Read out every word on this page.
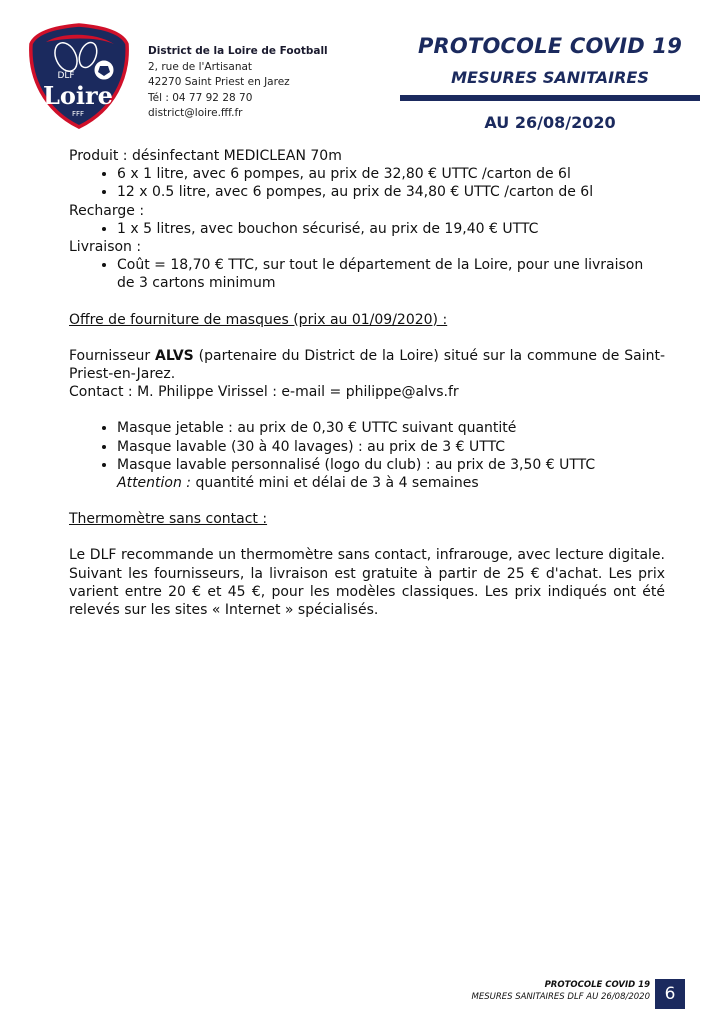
DLF
Loire
FFF
District de la Loire de Football
2, rue de l'Artisanat
42270 Saint Priest en Jarez
Tél : 04 77 92 28 70
district@loire.fff.fr
PROTOCOLE COVID 19
MESURES SANITAIRES
AU 26/08/2020

Produit : désinfectant MEDICLEAN 70m

• 6 x 1 litre, avec 6 pompes, au prix de 32,80 € UTTC /carton de 6l
• 12 x 0.5 litre, avec 6 pompes, au prix de 34,80 € UTTC /carton de 6l

Recharge :

• 1 x 5 litres, avec bouchon sécurisé, au prix de 19,40 € UTTC

Livraison :

• Coût = 18,70 € TTC, sur tout le département de la Loire, pour une livraison de 3 cartons minimum

Offre de fourniture de masques (prix au 01/09/2020) :

Fournisseur ALVS (partenaire du District de la Loire) situé sur la commune de Saint-Priest-en-Jarez.

Contact : M. Philippe Virissel : e-mail = philippe@alvs.fr

• Masque jetable : au prix de 0,30 € UTTC suivant quantité
• Masque lavable (30 à 40 lavages) : au prix de 3 € UTTC
• Masque lavable personnalisé (logo du club) : au prix de 3,50 € UTTC
Attention : quantité mini et délai de 3 à 4 semaines

Thermomètre sans contact :

Le DLF recommande un thermomètre sans contact, infrarouge, avec lecture digitale. Suivant les fournisseurs, la livraison est gratuite à partir de 25 € d'achat. Les prix varient entre 20 € et 45 €, pour les modèles classiques. Les prix indiqués ont été relevés sur les sites « Internet » spécialisés.

PROTOCOLE COVID 19
MESURES SANITAIRES DLF AU 26/08/2020 6
